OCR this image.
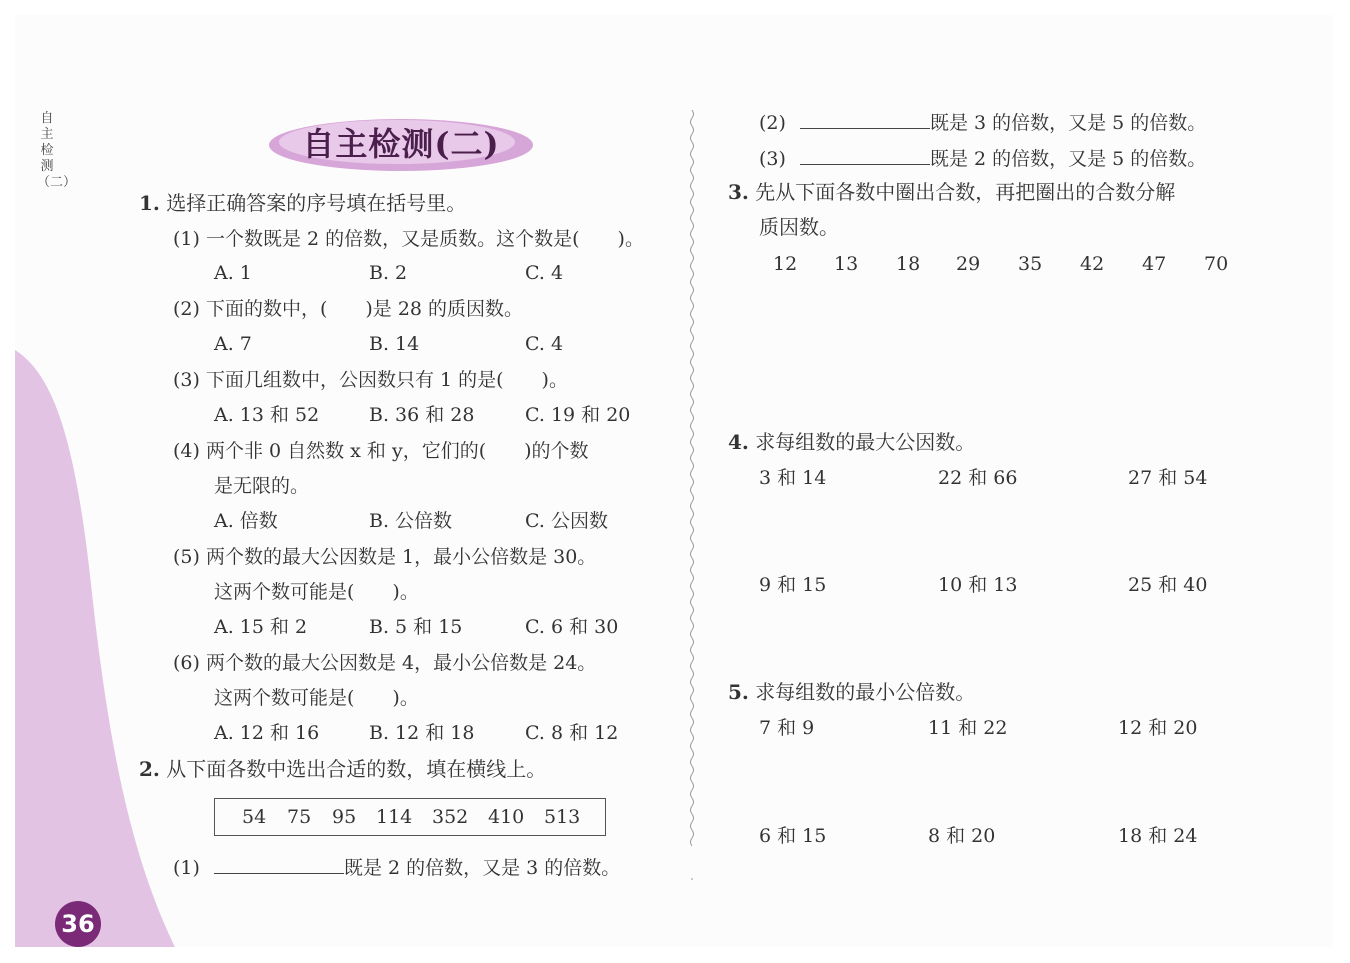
自主检测（二）
36
自主检测(二)
1. 选择正确答案的序号填在括号里。
(1) 一个数既是 2 的倍数，又是质数。这个数是(　　)。
A. 1	B. 2	C. 4
(2) 下面的数中，(　　)是 28 的质因数。
A. 7	B. 14	C. 4
(3) 下面几组数中，公因数只有 1 的是(　　)。
A. 13 和 52	B. 36 和 28	C. 19 和 20
(4) 两个非 0 自然数 x 和 y，它们的(　　)的个数
是无限的。
A. 倍数	B. 公倍数	C. 公因数
(5) 两个数的最大公因数是 1，最小公倍数是 30。
这两个数可能是(　　)。
A. 15 和 2	B. 5 和 15	C. 6 和 30
(6) 两个数的最大公因数是 4，最小公倍数是 24。
这两个数可能是(　　)。
A. 12 和 16	B. 12 和 18	C. 8 和 12
2. 从下面各数中选出合适的数，填在横线上。
54 75 95 114 352 410 513
(1)	既是 2 的倍数，又是 3 的倍数。
(2)	既是 3 的倍数，又是 5 的倍数。
(3)	既是 2 的倍数，又是 5 的倍数。
3. 先从下面各数中圈出合数，再把圈出的合数分解
质因数。
12 13 18 29 35 42 47 70
4. 求每组数的最大公因数。
3 和 14	22 和 66	27 和 54
9 和 15	10 和 13	25 和 40
5. 求每组数的最小公倍数。
7 和 9	11 和 22	12 和 20
6 和 15	8 和 20	18 和 24
